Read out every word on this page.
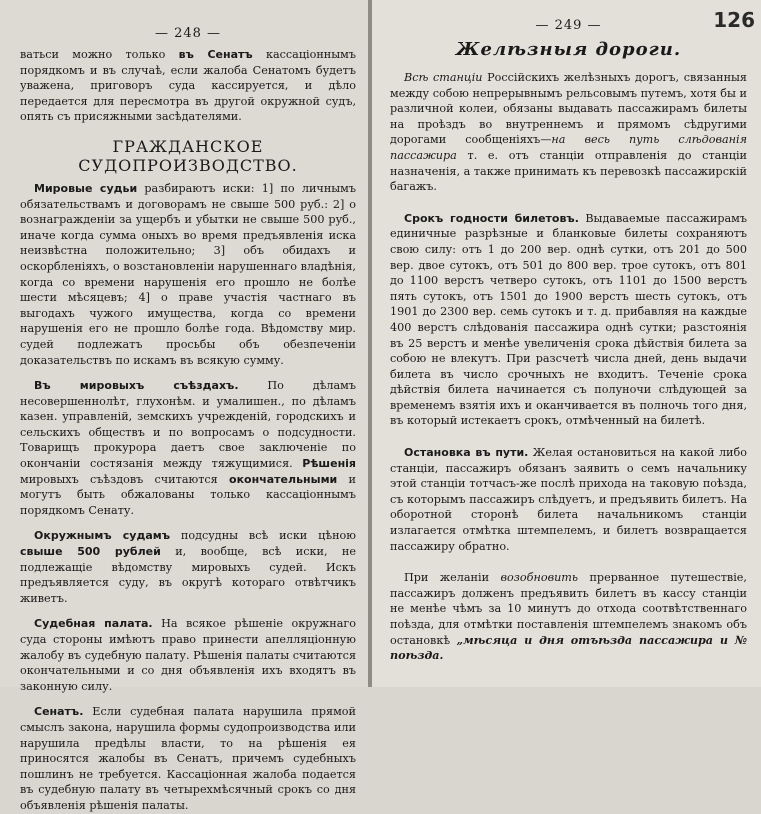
— 248 —

ватьси можно только въ Сенатъ кассаціоннымъ порядкомъ и въ случаѣ, если жалоба Сенатомъ будетъ уважена, приговоръ суда кассируется, и дѣло передается для пересмотра въ другой окружной судъ, опять съ присяжными засѣдателями.

ГРАЖДАНСКОЕ СУДОПРОИЗВОДСТВО.

Мировые судьи разбираютъ иски: 1] по личнымъ обязательствамъ и договорамъ не свыше 500 руб.: 2] о вознагражденіи за ущербъ и убытки не свыше 500 руб., иначе когда сумма оныхъ во время предъявленія иска неизвѣстна положительно; 3] объ обидахъ и оскорбленіяхъ, о возстановленіи нарушеннаго владѣнія, когда со времени нарушенія его прошло не болѣе шести мѣсяцевъ; 4] о праве участія частнаго въ выгодахъ чужого имущества, когда со времени нарушенія его не прошло болѣе года. Вѣдомству мир. судей подлежатъ просьбы объ обезпеченіи доказательствъ по искамъ въ всякую сумму.

Въ мировыхъ съѣздахъ. По дѣламъ несовершеннолѣт, глухонѣм. и умалишен., по дѣламъ казен. управленій, земскихъ учрежденій, городскихъ и сельскихъ обществъ и по вопросамъ о подсудности. Товарищъ прокурора даетъ свое заключеніе по окончаніи состязанія между тяжущимися. Рѣшенія мировыхъ съѣздовъ считаются окончательными и могутъ быть обжалованы только кассаціоннымъ порядкомъ Сенату.

Окружнымъ судамъ подсудны всѣ иски цѣною свыше 500 рублей и, вообще, всѣ иски, не подлежащіе вѣдомству мировыхъ судей. Искъ предъявляется суду, въ округѣ котораго отвѣтчикъ живетъ.

Судебная палата. На всякое рѣшеніе окружнаго суда стороны имѣютъ право принести апелляціонную жалобу въ судебную палату. Рѣшенія палаты считаются окончательными и со дня объявленія ихъ входятъ въ законную силу.

Сенатъ. Если судебная палата нарушила прямой смыслъ закона, нарушила формы судопроизводства или нарушила предѣлы власти, то на рѣшенія ея приносятся жалобы въ Сенатъ, причемъ судебныхъ пошлинъ не требуется. Кассаціонная жалоба подается въ судебную палату въ четырехмѣсячный срокъ со дня объявленія рѣшенія палаты.

— 249 —	126
Желѣзныя дороги.

Всѣ станціи Россійскихъ желѣзныхъ дорогъ, связанныя между собою непрерывнымъ рельсовымъ путемъ, хотя бы и различной колеи, обязаны выдавать пассажирамъ билеты на проѣздъ во внутреннемъ и прямомъ сѣдругими дорогами сообщеніяхъ—на весь путь слѣдованія пассажира т. е. отъ станціи отправленія до станціи назначенія, а также принимать къ перевозкѣ пассажирскій багажъ.

Срокъ годности билетовъ. Выдаваемые пассажирамъ единичные разрѣзные и бланковые билеты сохраняютъ свою силу: отъ 1 до 200 вер. однѣ сутки, отъ 201 до 500 вер. двое сутокъ, отъ 501 до 800 вер. трое сутокъ, отъ 801 до 1100 верстъ четверо сутокъ, отъ 1101 до 1500 верстъ пять сутокъ, отъ 1501 до 1900 верстъ шесть сутокъ, отъ 1901 до 2300 вер. семь сутокъ и т. д. прибавляя на каждые 400 верстъ слѣдованія пассажира однѣ сутки; разстоянія въ 25 верстъ и менѣе увеличенія срока дѣйствія билета за собою не влекутъ. При разсчетѣ числа дней, день выдачи билета въ число срочныхъ не входитъ. Теченіе срока дѣйствія билета начинается съ полуночи слѣдующей за временемъ взятія ихъ и оканчивается въ полночь того дня, въ который истекаетъ срокъ, отмѣченный на билетѣ.

Остановка въ пути. Желая остановиться на какой либо станціи, пассажиръ обязанъ заявить о семъ начальнику этой станціи тотчасъ-же послѣ прихода на таковую поѣзда, съ которымъ пассажиръ слѣдуетъ, и предъявить билетъ. На оборотной сторонѣ билета начальникомъ станціи излагается отмѣтка штемпелемъ, и билетъ возвращается пассажиру обратно.

При желаніи возобновить прерванное путешествіе, пассажиръ долженъ предъявить билетъ въ кассу станціи не менѣе чѣмъ за 10 минутъ до отхода соотвѣтственнаго поѣзда, для отмѣтки поставленія штемпелемъ знакомъ объ остановкѣ „мѣсяца и дня отъѣзда пассажира и № поѣзда.
